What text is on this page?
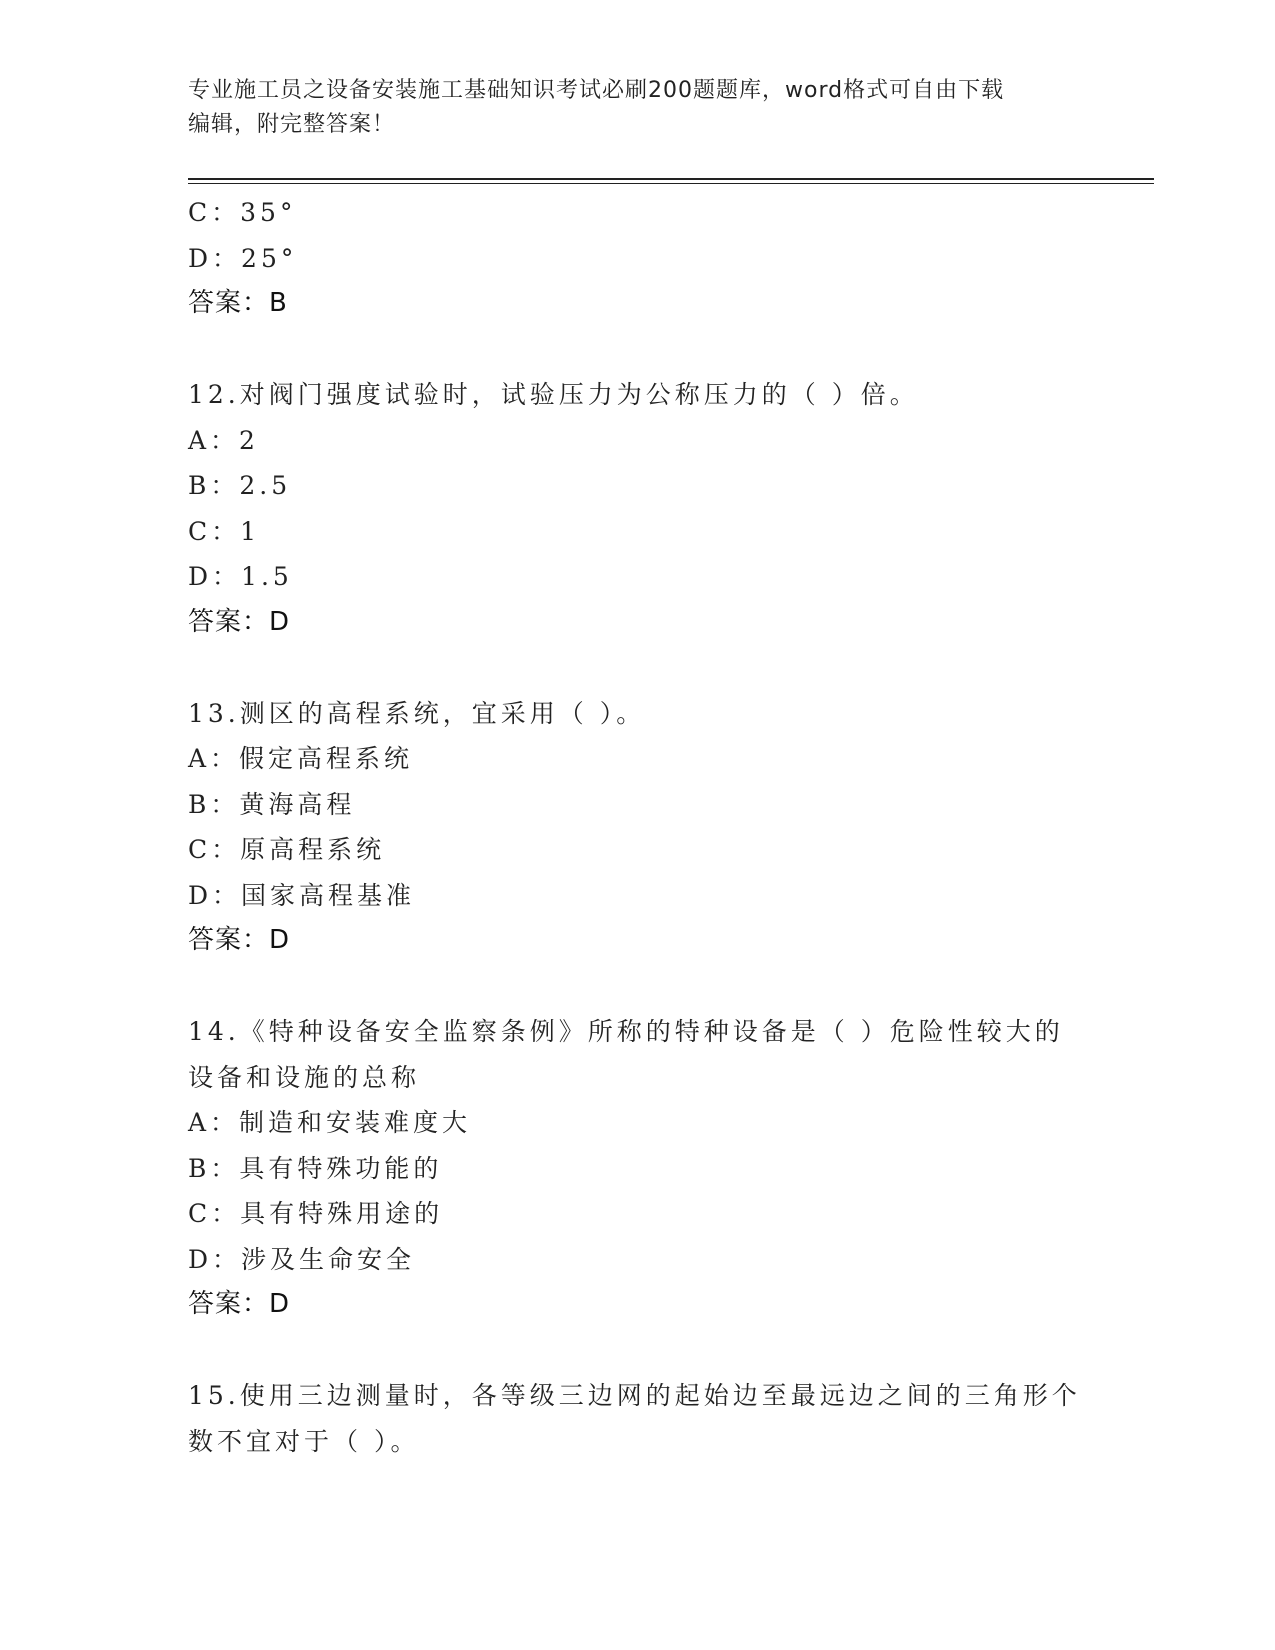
专业施工员之设备安装施工基础知识考试必刷200题题库，word格式可自由下载
编辑，附完整答案！
C：35°
D：25°
答案：B
12.对阀门强度试验时，试验压力为公称压力的（ ）倍。
A：2
B：2.5
C：1
D：1.5
答案：D
13.测区的高程系统，宜采用（ ）。
A：假定高程系统
B：黄海高程
C：原高程系统
D：国家高程基准
答案：D
14.《特种设备安全监察条例》所称的特种设备是（ ）危险性较大的
设备和设施的总称
A：制造和安装难度大
B：具有特殊功能的
C：具有特殊用途的
D：涉及生命安全
答案：D
15.使用三边测量时，各等级三边网的起始边至最远边之间的三角形个
数不宜对于（ ）。
